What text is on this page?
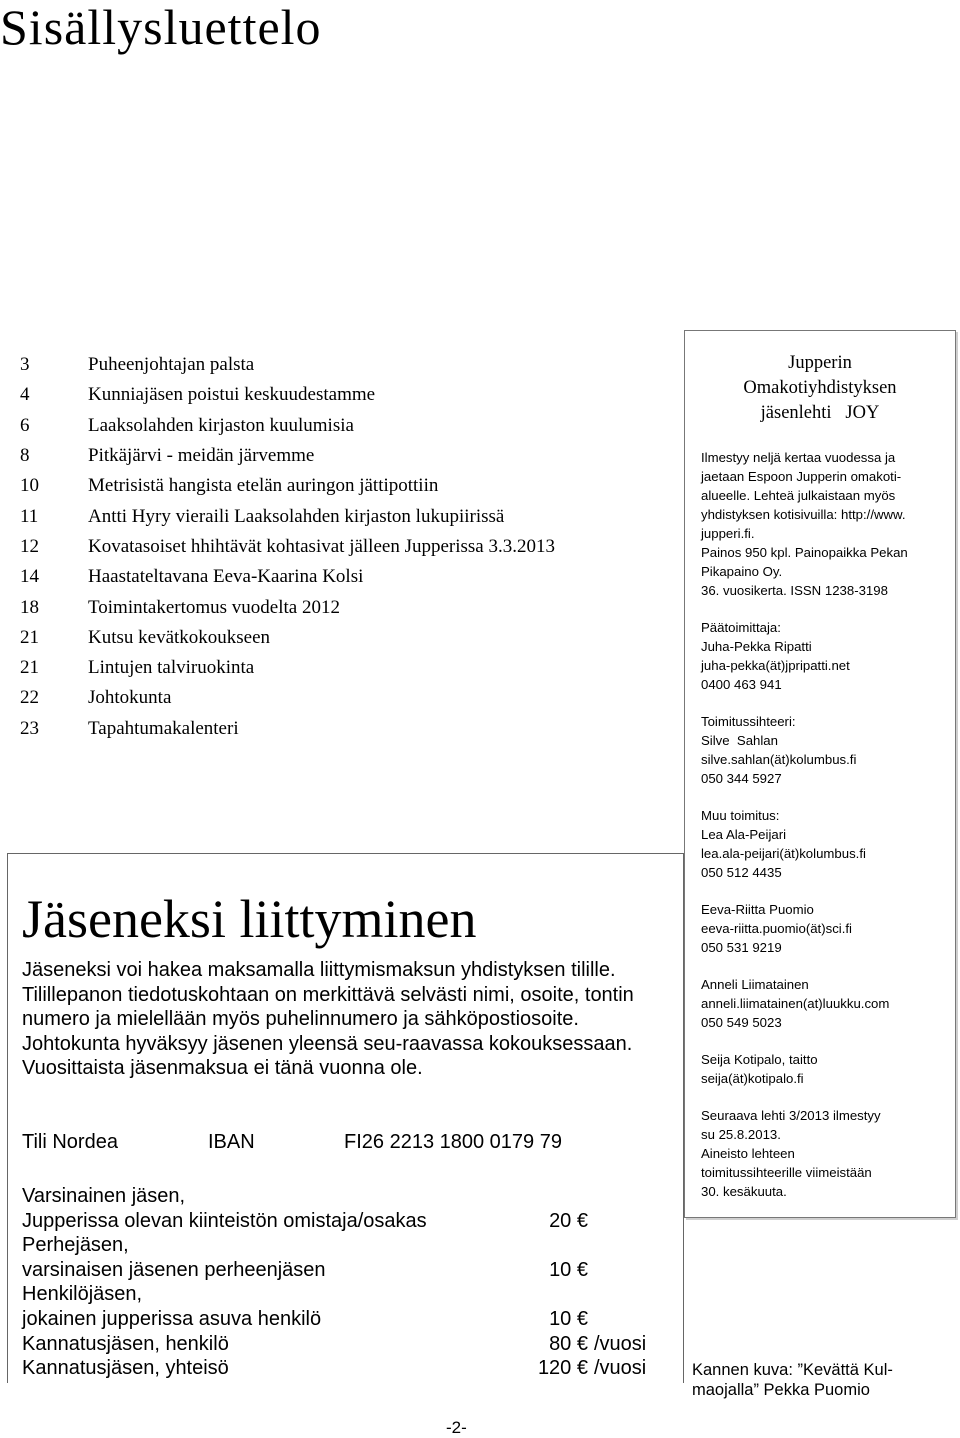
Sisällysluettelo
3	Puheenjohtajan palsta
4	Kunniajäsen poistui keskuudestamme
6	Laaksolahden kirjaston kuulumisia
8	Pitkäjärvi - meidän järvemme
10	Metrisistä hangista etelän auringon jättipottiin
11	Antti Hyry vieraili Laaksolahden kirjaston lukupiirissä
12	Kovatasoiset hhihtävät kohtasivat jälleen Jupperissa 3.3.2013
14	Haastateltavana Eeva-Kaarina Kolsi
18	Toimintakertomus vuodelta 2012
21	Kutsu kevätkokoukseen
21	Lintujen talviruokinta
22	Johtokunta
23	Tapahtumakalenteri
Jupperin
Omakotiyhdistyksen
jäsenlehti   JOY
Ilmestyy neljä kertaa vuodessa ja
jaetaan Espoon Jupperin omakoti-
alueelle. Lehteä julkaistaan myös
yhdistyksen kotisivuilla: http://www.
jupperi.fi.
Painos 950 kpl. Painopaikka Pekan
Pikapaino Oy.
36. vuosikerta. ISSN 1238-3198
Päätoimittaja:
Juha-Pekka Ripatti
juha-pekka(ät)jpripatti.net
0400 463 941
Toimitussihteeri:
Silve  Sahlan
silve.sahlan(ät)kolumbus.fi
050 344 5927
Muu toimitus:
Lea Ala-Peijari
lea.ala-peijari(ät)kolumbus.fi
050 512 4435
Eeva-Riitta Puomio
eeva-riitta.puomio(ät)sci.fi
050 531 9219
Anneli Liimatainen
anneli.liimatainen(at)luukku.com
050 549 5023
Seija Kotipalo, taitto
seija(ät)kotipalo.fi
Seuraava lehti 3/2013 ilmestyy
su 25.8.2013.
Aineisto lehteen
toimitussihteerille viimeistään
30. kesäkuuta.
Jäseneksi liittyminen
Jäseneksi voi hakea maksamalla liittymismaksun yhdistyksen tilille. Tilillepanon tiedotuskohtaan on merkittävä selvästi nimi, osoite, tontin numero ja mielellään myös puhelinnumero ja sähköpostiosoite. Johtokunta hyväksyy jäsenen yleensä seu-raavassa kokouksessaan. Vuosittaista jäsenmaksua ei tänä vuonna ole.
Tili Nordea	IBAN	FI26 2213 1800 0179 79
Varsinainen jäsen,
Jupperissa olevan kiinteistön omistaja/osakas	20 €
Perhejäsen,
varsinaisen jäsenen perheenjäsen	10 €
Henkilöjäsen,
jokainen jupperissa asuva henkilö	10 €
Kannatusjäsen, henkilö	80 € /vuosi
Kannatusjäsen, yhteisö	120 € /vuosi
-2-
Kannen kuva: ”Kevättä Kul-maojalla” Pekka Puomio
